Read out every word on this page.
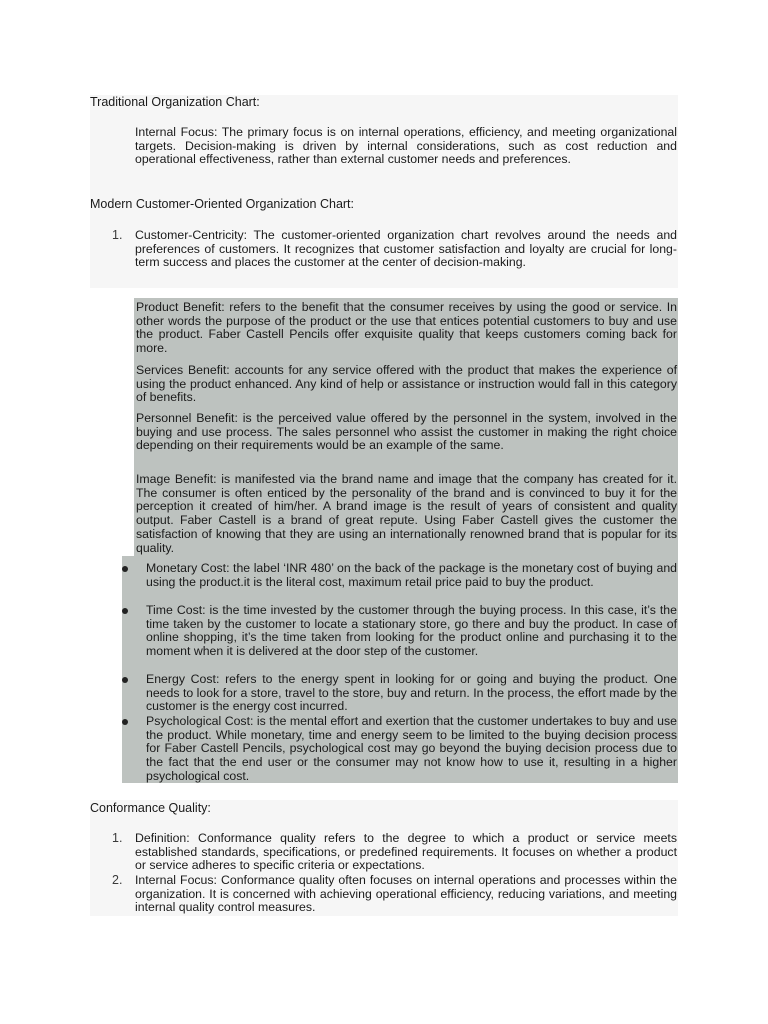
Traditional Organization Chart:

Internal Focus: The primary focus is on internal operations, efficiency, and meeting organizational targets. Decision-making is driven by internal considerations, such as cost reduction and operational effectiveness, rather than external customer needs and preferences.

Modern Customer-Oriented Organization Chart:

1. Customer-Centricity: The customer-oriented organization chart revolves around the needs and preferences of customers. It recognizes that customer satisfaction and loyalty are crucial for long-term success and places the customer at the center of decision-making.

Product Benefit: refers to the benefit that the consumer receives by using the good or service. In other words the purpose of the product or the use that entices potential customers to buy and use the product. Faber Castell Pencils offer exquisite quality that keeps customers coming back for more.

Services Benefit: accounts for any service offered with the product that makes the experience of using the product enhanced. Any kind of help or assistance or instruction would fall in this category of benefits.

Personnel Benefit: is the perceived value offered by the personnel in the system, involved in the buying and use process. The sales personnel who assist the customer in making the right choice depending on their requirements would be an example of the same.

Image Benefit: is manifested via the brand name and image that the company has created for it. The consumer is often enticed by the personality of the brand and is convinced to buy it for the perception it created of him/her. A brand image is the result of years of consistent and quality output. Faber Castell is a brand of great repute. Using Faber Castell gives the customer the satisfaction of knowing that they are using an internationally renowned brand that is popular for its quality.

Monetary Cost: the label ‘INR 480’ on the back of the package is the monetary cost of buying and using the product.it is the literal cost, maximum retail price paid to buy the product.

Time Cost: is the time invested by the customer through the buying process. In this case, it’s the time taken by the customer to locate a stationary store, go there and buy the product. In case of online shopping, it’s the time taken from looking for the product online and purchasing it to the moment when it is delivered at the door step of the customer.

Energy Cost: refers to the energy spent in looking for or going and buying the product. One needs to look for a store, travel to the store, buy and return. In the process, the effort made by the customer is the energy cost incurred.

Psychological Cost: is the mental effort and exertion that the customer undertakes to buy and use the product. While monetary, time and energy seem to be limited to the buying decision process for Faber Castell Pencils, psychological cost may go beyond the buying decision process due to the fact that the end user or the consumer may not know how to use it, resulting in a higher psychological cost.

Conformance Quality:

1. Definition: Conformance quality refers to the degree to which a product or service meets established standards, specifications, or predefined requirements. It focuses on whether a product or service adheres to specific criteria or expectations.

2. Internal Focus: Conformance quality often focuses on internal operations and processes within the organization. It is concerned with achieving operational efficiency, reducing variations, and meeting internal quality control measures.
